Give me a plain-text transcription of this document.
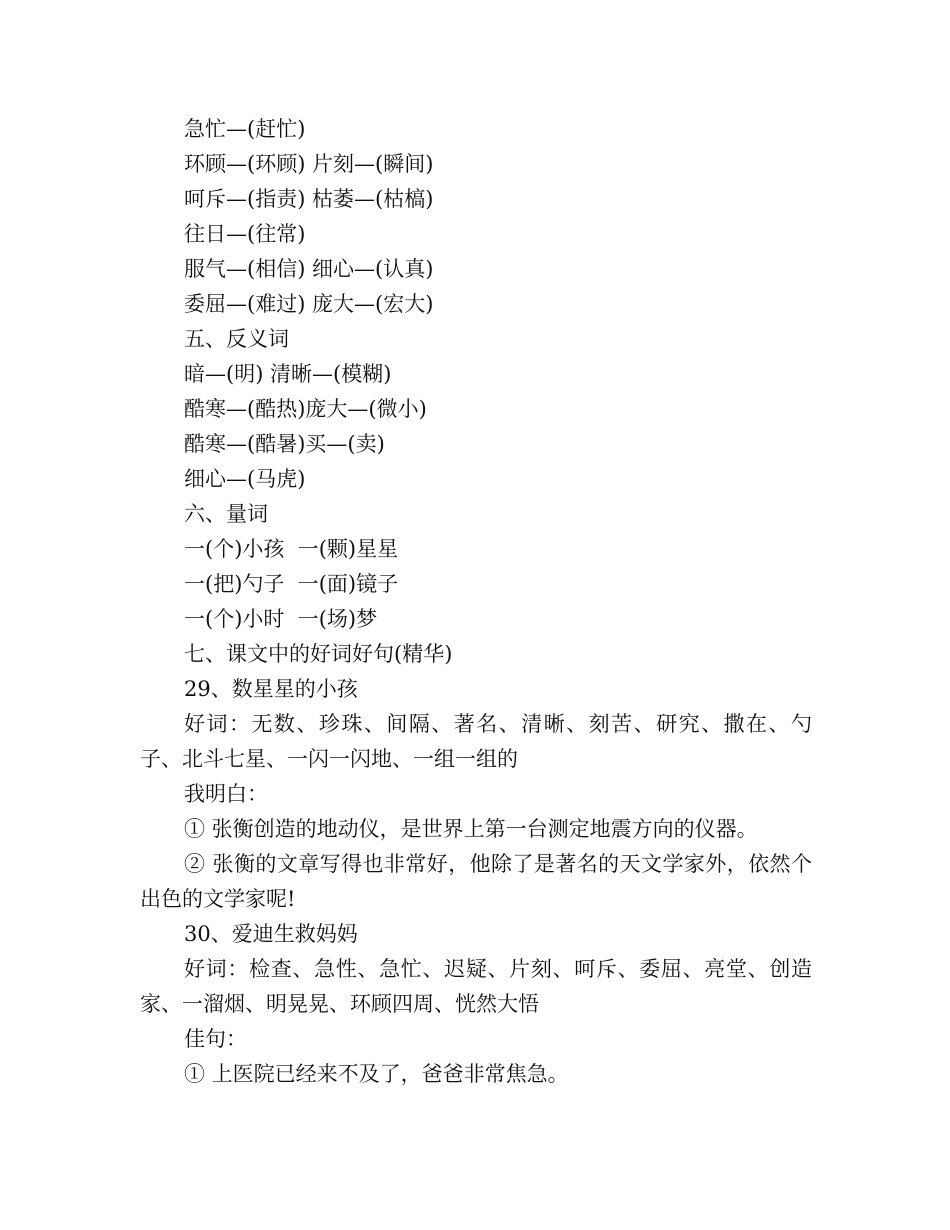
急忙—(赶忙)

环顾—(环顾) 片刻—(瞬间)

呵斥—(指责) 枯萎—(枯槁)

往日—(往常)

服气—(相信) 细心—(认真)

委屈—(难过) 庞大—(宏大)

五、反义词

暗—(明) 清晰—(模糊)

酷寒—(酷热)庞大—(微小)

酷寒—(酷暑)买—(卖)

细心—(马虎)

六、量词

一(个)小孩  一(颗)星星

一(把)勺子  一(面)镜子

一(个)小时  一(场)梦

七、课文中的好词好句(精华)

29、数星星的小孩

好词：无数、珍珠、间隔、著名、清晰、刻苦、研究、撒在、勺子、北斗七星、一闪一闪地、一组一组的

我明白：

① 张衡创造的地动仪，是世界上第一台测定地震方向的仪器。

② 张衡的文章写得也非常好，他除了是著名的天文学家外，依然个出色的文学家呢!

30、爱迪生救妈妈

好词：检查、急性、急忙、迟疑、片刻、呵斥、委屈、亮堂、创造家、一溜烟、明晃晃、环顾四周、恍然大悟

佳句：

① 上医院已经来不及了，爸爸非常焦急。
